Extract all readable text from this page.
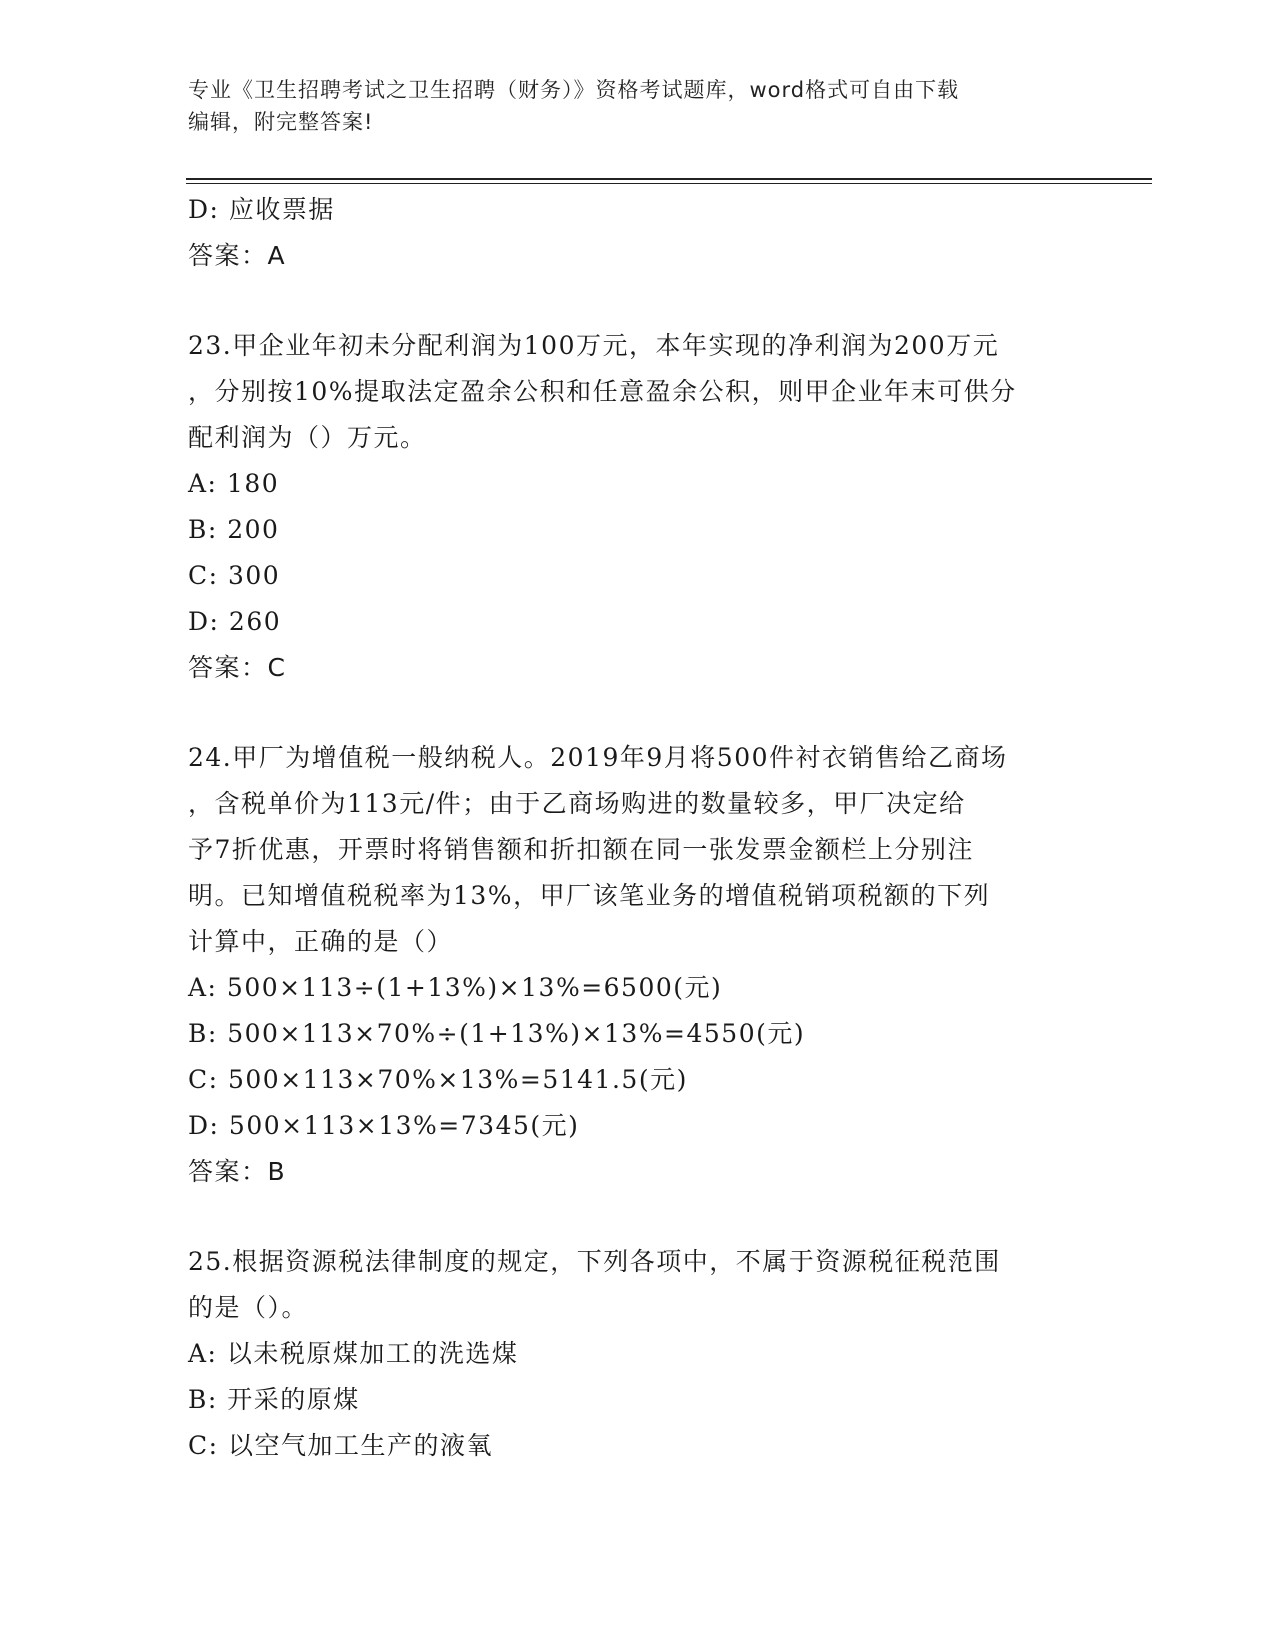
专业《卫生招聘考试之卫生招聘（财务）》资格考试题库，word格式可自由下载
编辑，附完整答案!
D: 应收票据
答案：A
23.甲企业年初未分配利润为100万元，本年实现的净利润为200万元
，分别按10%提取法定盈余公积和任意盈余公积，则甲企业年末可供分
配利润为（）万元。
A: 180
B: 200
C: 300
D: 260
答案：C
24.甲厂为增值税一般纳税人。2019年9月将500件衬衣销售给乙商场
，含税单价为113元/件；由于乙商场购进的数量较多，甲厂决定给
予7折优惠，开票时将销售额和折扣额在同一张发票金额栏上分别注
明。已知增值税税率为13%，甲厂该笔业务的增值税销项税额的下列
计算中，正确的是（）
A: 500×113÷(1+13%)×13%=6500(元)
B: 500×113×70%÷(1+13%)×13%=4550(元)
C: 500×113×70%×13%=5141.5(元)
D: 500×113×13%=7345(元)
答案：B
25.根据资源税法律制度的规定，下列各项中，不属于资源税征税范围
的是（）。
A: 以未税原煤加工的洗选煤
B: 开采的原煤
C: 以空气加工生产的液氧
